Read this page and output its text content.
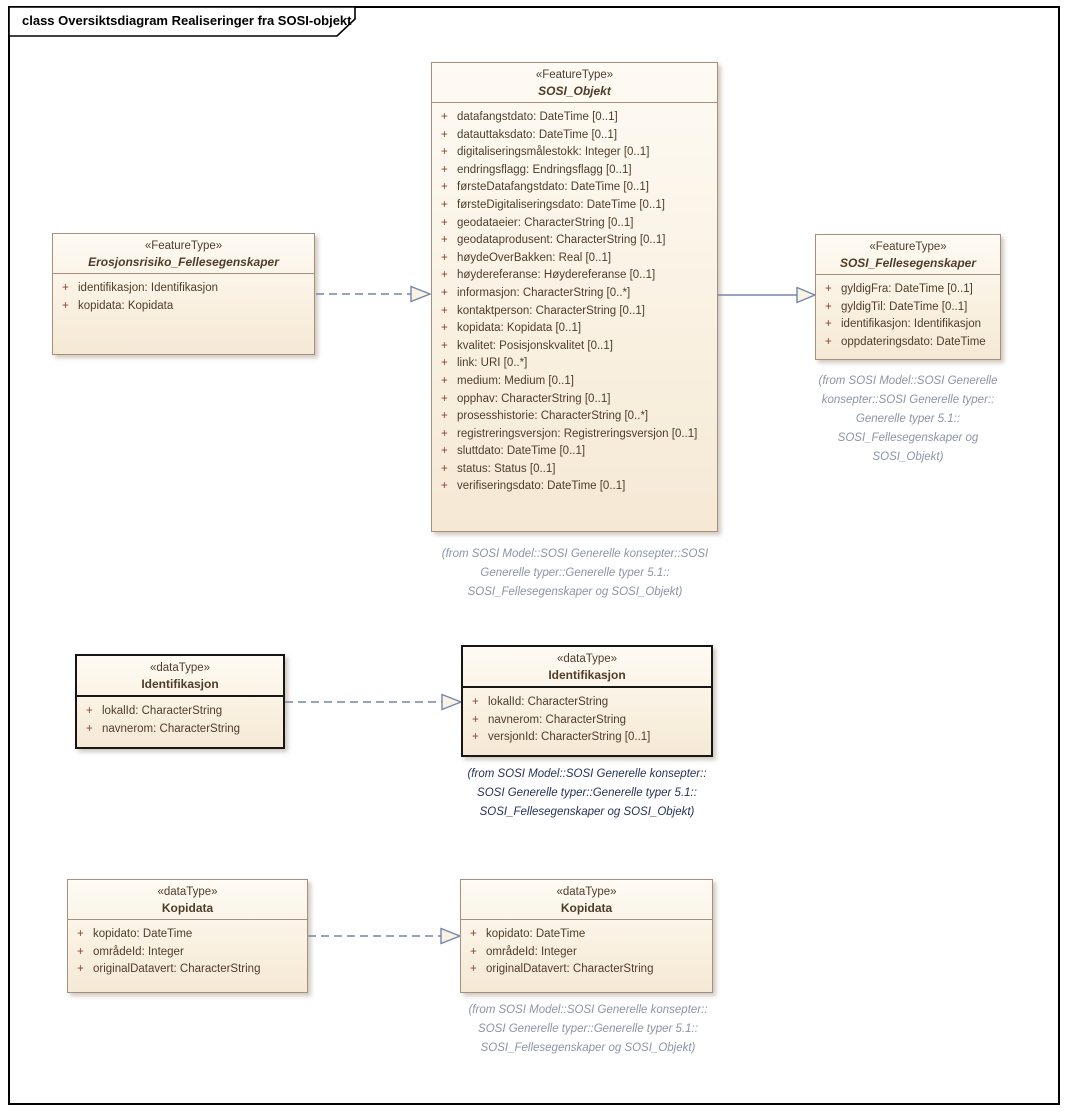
class Oversiktsdiagram Realiseringer fra SOSI-objekt
«FeatureType»
Erosjonsrisiko_Fellesegenskaper
+ identifikasjon: Identifikasjon
+ kopidata: Kopidata
«FeatureType»
SOSI_Objekt
+ datafangstdato: DateTime [0..1]
+ datauttaksdato: DateTime [0..1]
+ digitaliseringsmålestokk: Integer [0..1]
+ endringsflagg: Endringsflagg [0..1]
+ førsteDatafangstdato: DateTime [0..1]
+ førsteDigitaliseringsdato: DateTime [0..1]
+ geodataeier: CharacterString [0..1]
+ geodataprodusent: CharacterString [0..1]
+ høydeOverBakken: Real [0..1]
+ høydereferanse: Høydereferanse [0..1]
+ informasjon: CharacterString [0..*]
+ kontaktperson: CharacterString [0..1]
+ kopidata: Kopidata [0..1]
+ kvalitet: Posisjonskvalitet [0..1]
+ link: URI [0..*]
+ medium: Medium [0..1]
+ opphav: CharacterString [0..1]
+ prosesshistorie: CharacterString [0..*]
+ registreringsversjon: Registreringsversjon [0..1]
+ sluttdato: DateTime [0..1]
+ status: Status [0..1]
+ verifiseringsdato: DateTime [0..1]
(from SOSI Model::SOSI Generelle konsepter::SOSI
Generelle typer::Generelle typer 5.1::
SOSI_Fellesegenskaper og SOSI_Objekt)
«FeatureType»
SOSI_Fellesegenskaper
+ gyldigFra: DateTime [0..1]
+ gyldigTil: DateTime [0..1]
+ identifikasjon: Identifikasjon
+ oppdateringsdato: DateTime
(from SOSI Model::SOSI Generelle
konsepter::SOSI Generelle typer::
Generelle typer 5.1::
SOSI_Fellesegenskaper og
SOSI_Objekt)
«dataType»
Identifikasjon
+ lokalId: CharacterString
+ navnerom: CharacterString
«dataType»
Identifikasjon
+ lokalId: CharacterString
+ navnerom: CharacterString
+ versjonId: CharacterString [0..1]
(from SOSI Model::SOSI Generelle konsepter::
SOSI Generelle typer::Generelle typer 5.1::
SOSI_Fellesegenskaper og SOSI_Objekt)
«dataType»
Kopidata
+ kopidato: DateTime
+ områdeId: Integer
+ originalDatavert: CharacterString
«dataType»
Kopidata
+ kopidato: DateTime
+ områdeId: Integer
+ originalDatavert: CharacterString
(from SOSI Model::SOSI Generelle konsepter::
SOSI Generelle typer::Generelle typer 5.1::
SOSI_Fellesegenskaper og SOSI_Objekt)
